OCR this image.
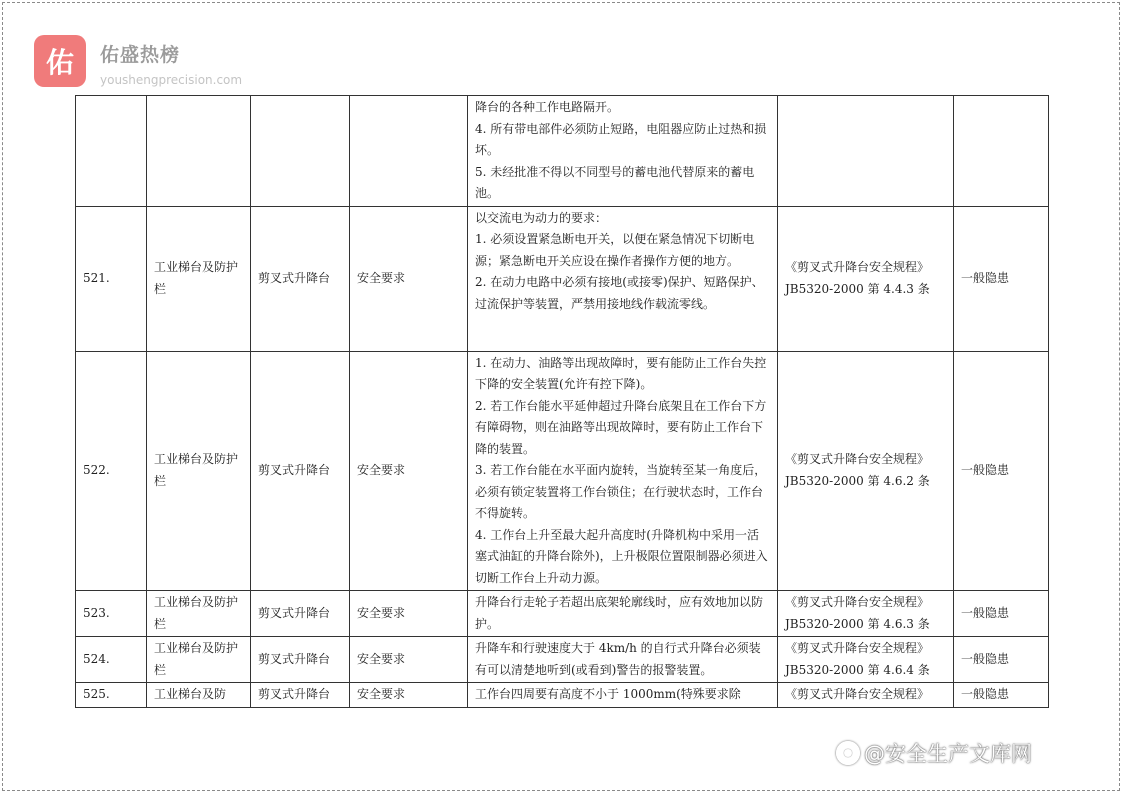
佑	佑盛热榜
youshengprecision.com

				降台的各种工作电路隔开。

4. 所有带电部件必须防止短路，电阻器应防止过热和损坏。

5. 未经批准不得以不同型号的蓄电池代替原来的蓄电池。		

521.	工业梯台及防护栏	剪叉式升降台	安全要求	以交流电为动力的要求：

1. 必须设置紧急断电开关，以便在紧急情况下切断电源；紧急断电开关应设在操作者操作方便的地方。

2. 在动力电路中必须有接地(或接零)保护、短路保护、过流保护等装置，严禁用接地线作载流零线。	《剪叉式升降台安全规程》JB5320-2000 第 4.4.3 条	一般隐患
522.	工业梯台及防护栏	剪叉式升降台	安全要求	1. 在动力、油路等出现故障时，要有能防止工作台失控下降的安全装置(允许有控下降)。

2. 若工作台能水平延伸超过升降台底架且在工作台下方有障碍物，则在油路等出现故障时，要有防止工作台下降的装置。

3. 若工作台能在水平面内旋转，当旋转至某一角度后，必须有锁定装置将工作台锁住；在行驶状态时，工作台不得旋转。

4. 工作台上升至最大起升高度时(升降机构中采用一活塞式油缸的升降台除外)，上升极限位置限制器必须进入切断工作台上升动力源。	《剪叉式升降台安全规程》JB5320-2000 第 4.6.2 条	一般隐患
523.	工业梯台及防护栏	剪叉式升降台	安全要求	升降台行走轮子若超出底架轮廓线时，应有效地加以防护。	《剪叉式升降台安全规程》JB5320-2000 第 4.6.3 条	一般隐患
524.	工业梯台及防护栏	剪叉式升降台	安全要求	升降车和行驶速度大于 4km/h 的自行式升降台必须装有可以清楚地听到(或看到)警告的报警装置。	《剪叉式升降台安全规程》JB5320-2000 第 4.6.4 条	一般隐患
525.	工业梯台及防	剪叉式升降台	安全要求	工作台四周要有高度不小于 1000mm(特殊要求除	《剪叉式升降台安全规程》	一般隐患
@安全生产文库网
